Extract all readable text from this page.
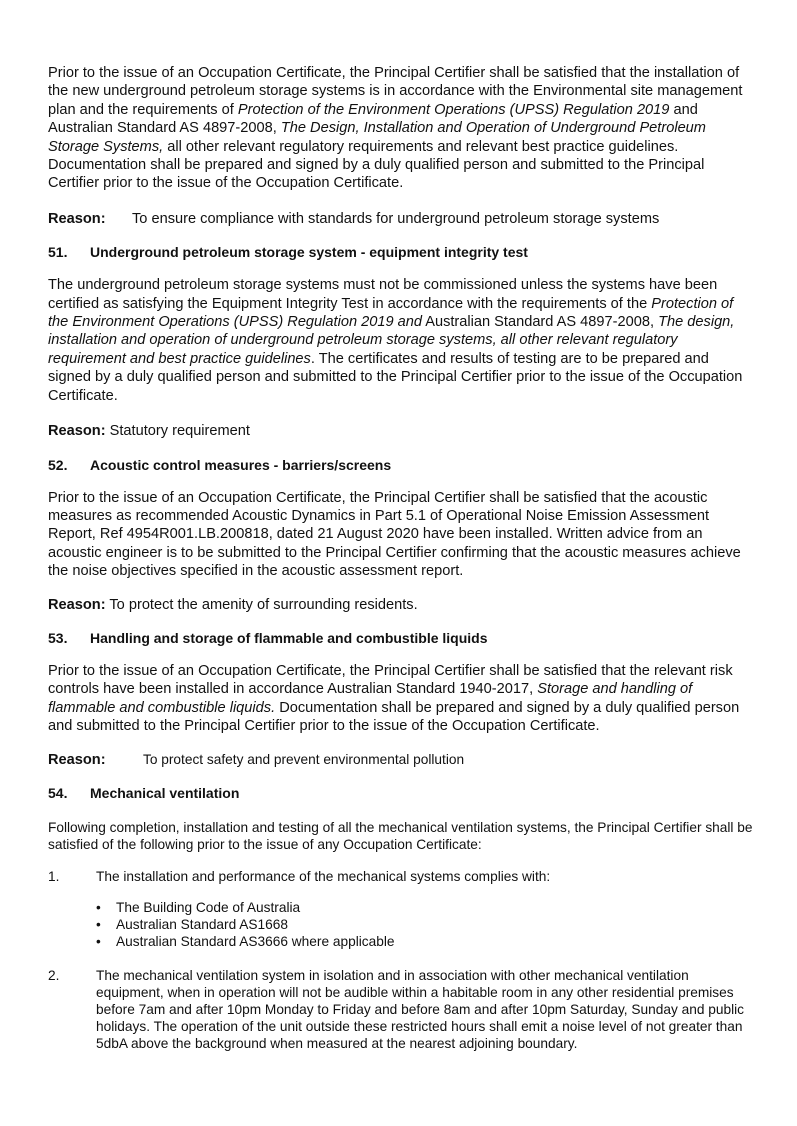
Prior to the issue of an Occupation Certificate, the Principal Certifier shall be satisfied that the installation of the new underground petroleum storage systems is in accordance with the Environmental site management plan and the requirements of Protection of the Environment Operations (UPSS) Regulation 2019 and Australian Standard AS 4897-2008, The Design, Installation and Operation of Underground Petroleum Storage Systems, all other relevant regulatory requirements and relevant best practice guidelines. Documentation shall be prepared and signed by a duly qualified person and submitted to the Principal Certifier prior to the issue of the Occupation Certificate.

Reason: To ensure compliance with standards for underground petroleum storage systems

51. Underground petroleum storage system - equipment integrity test

The underground petroleum storage systems must not be commissioned unless the systems have been certified as satisfying the Equipment Integrity Test in accordance with the requirements of the Protection of the Environment Operations (UPSS) Regulation 2019 and Australian Standard AS 4897-2008, The design, installation and operation of underground petroleum storage systems, all other relevant regulatory requirement and best practice guidelines. The certificates and results of testing are to be prepared and signed by a duly qualified person and submitted to the Principal Certifier prior to the issue of the Occupation Certificate.

Reason: Statutory requirement

52. Acoustic control measures - barriers/screens

Prior to the issue of an Occupation Certificate, the Principal Certifier shall be satisfied that the acoustic measures as recommended Acoustic Dynamics in Part 5.1 of Operational Noise Emission Assessment Report, Ref 4954R001.LB.200818, dated 21 August 2020 have been installed. Written advice from an acoustic engineer is to be submitted to the Principal Certifier confirming that the acoustic measures achieve the noise objectives specified in the acoustic assessment report.

Reason: To protect the amenity of surrounding residents.

53. Handling and storage of flammable and combustible liquids

Prior to the issue of an Occupation Certificate, the Principal Certifier shall be satisfied that the relevant risk controls have been installed in accordance Australian Standard 1940-2017, Storage and handling of flammable and combustible liquids. Documentation shall be prepared and signed by a duly qualified person and submitted to the Principal Certifier prior to the issue of the Occupation Certificate.

Reason:	To protect safety and prevent environmental pollution

54. Mechanical ventilation

Following completion, installation and testing of all the mechanical ventilation systems, the Principal Certifier shall be satisfied of the following prior to the issue of any Occupation Certificate:

1.	The installation and performance of the mechanical systems complies with:
• The Building Code of Australia
• Australian Standard AS1668
• Australian Standard AS3666 where applicable
2.	The mechanical ventilation system in isolation and in association with other mechanical ventilation equipment, when in operation will not be audible within a habitable room in any other residential premises before 7am and after 10pm Monday to Friday and before 8am and after 10pm Saturday, Sunday and public holidays. The operation of the unit outside these restricted hours shall emit a noise level of not greater than 5dbA above the background when measured at the nearest adjoining boundary.
